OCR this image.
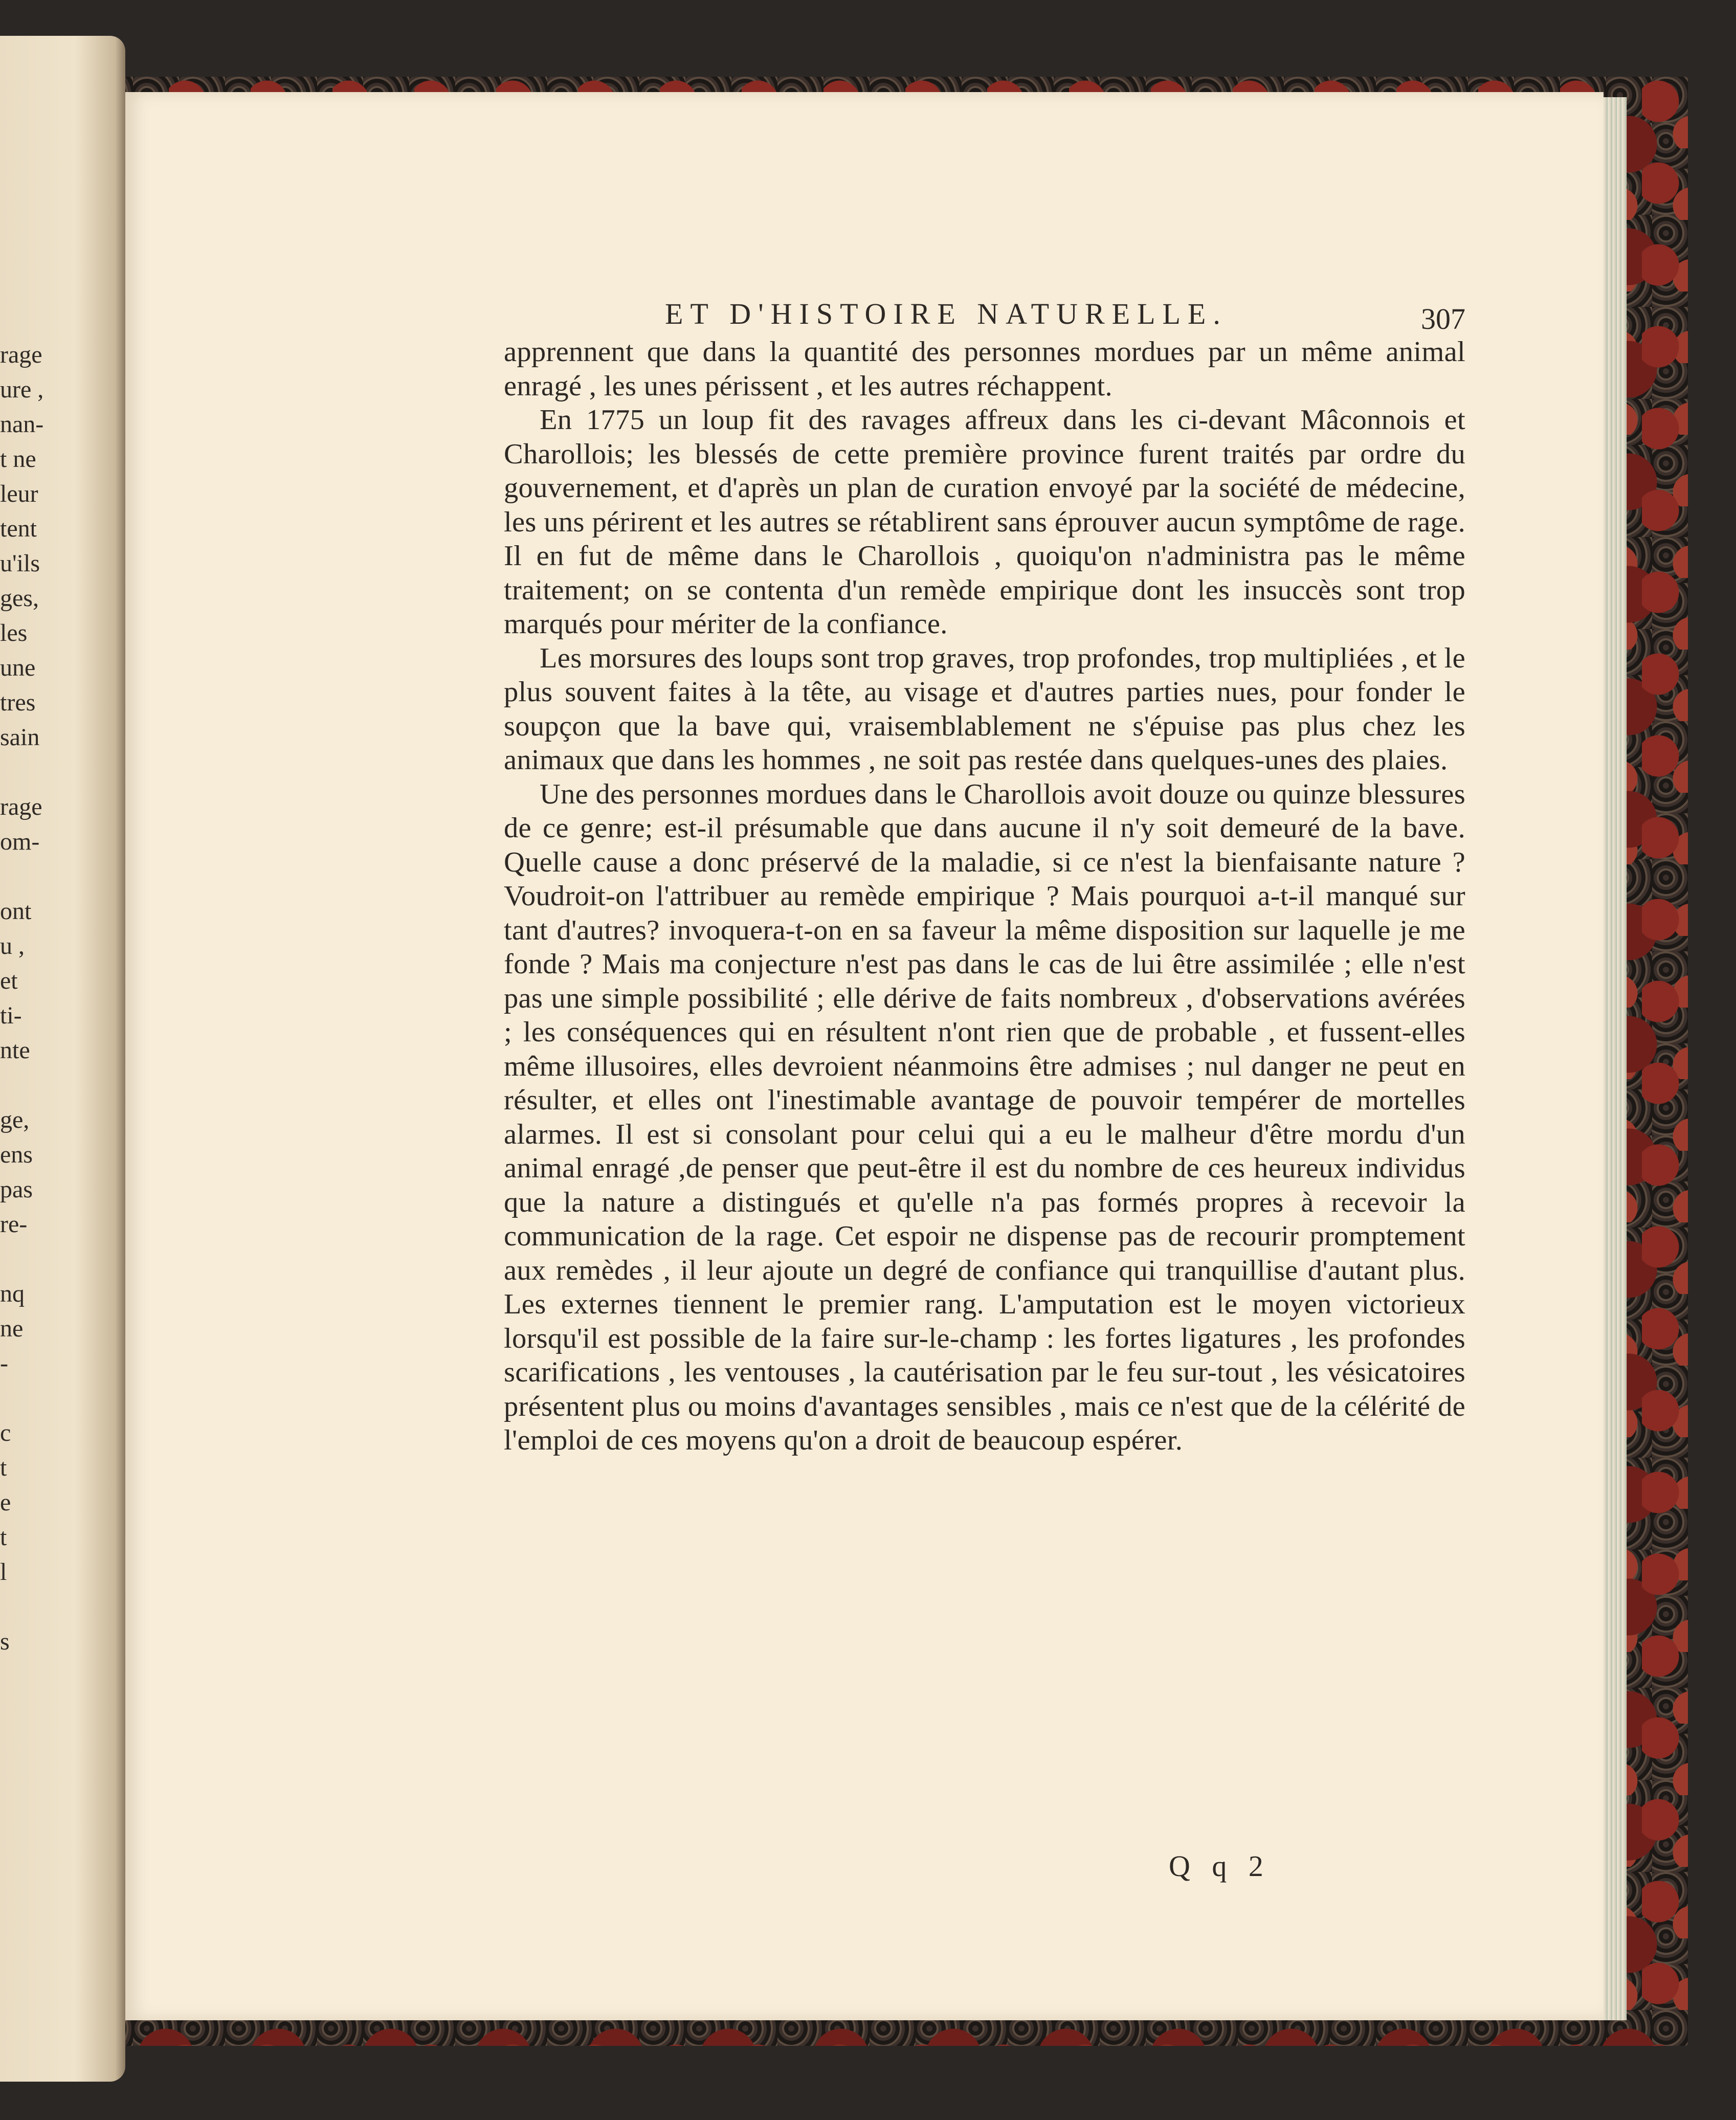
rage
ure ,
nan-
t ne
leur
tent
u'ils
ges,
les
une
tres
sain
rage
om-
ont
u ,
et
ti-
nte
ge,
ens
pas
re-
nq
ne
-
c
t
e
t
l
s
ET D'HISTOIRE NATURELLE.	307

apprennent que dans la quantité des personnes mordues par un même animal enragé , les unes périssent , et les autres réchappent.

En 1775 un loup fit des ravages affreux dans les ci-devant Mâconnois et Charollois; les blessés de cette première province furent traités par ordre du gouvernement, et d'après un plan de curation envoyé par la société de médecine, les uns périrent et les autres se rétablirent sans éprouver aucun symptôme de rage. Il en fut de même dans le Charollois , quoiqu'on n'administra pas le même traitement; on se contenta d'un remède empirique dont les insuccès sont trop marqués pour mériter de la confiance.

Les morsures des loups sont trop graves, trop profondes, trop multipliées , et le plus souvent faites à la tête, au visage et d'autres parties nues, pour fonder le soupçon que la bave qui, vraisemblablement ne s'épuise pas plus chez les animaux que dans les hommes , ne soit pas restée dans quelques-unes des plaies.

Une des personnes mordues dans le Charollois avoit douze ou quinze blessures de ce genre; est-il présumable que dans aucune il n'y soit demeuré de la bave. Quelle cause a donc préservé de la maladie, si ce n'est la bienfaisante nature ? Voudroit-on l'attribuer au remède empirique ? Mais pourquoi a-t-il manqué sur tant d'autres? invoquera-t-on en sa faveur la même disposition sur laquelle je me fonde ? Mais ma conjecture n'est pas dans le cas de lui être assimilée ; elle n'est pas une simple possibilité ; elle dérive de faits nombreux , d'observations avérées ; les conséquences qui en résultent n'ont rien que de probable , et fussent-elles même illusoires, elles devroient néanmoins être admises ; nul danger ne peut en résulter, et elles ont l'inestimable avantage de pouvoir tempérer de mortelles alarmes. Il est si consolant pour celui qui a eu le malheur d'être mordu d'un animal enragé ,de penser que peut-être il est du nombre de ces heureux individus que la nature a distingués et qu'elle n'a pas formés propres à recevoir la communication de la rage. Cet espoir ne dispense pas de recourir promptement aux remèdes , il leur ajoute un degré de confiance qui tranquillise d'autant plus. Les externes tiennent le premier rang. L'amputation est le moyen victorieux lorsqu'il est possible de la faire sur-le-champ : les fortes ligatures , les profondes scarifications , les ventouses , la cautérisation par le feu sur-tout , les vésicatoires présentent plus ou moins d'avantages sensibles , mais ce n'est que de la célérité de l'emploi de ces moyens qu'on a droit de beaucoup espérer.

Q q 2
